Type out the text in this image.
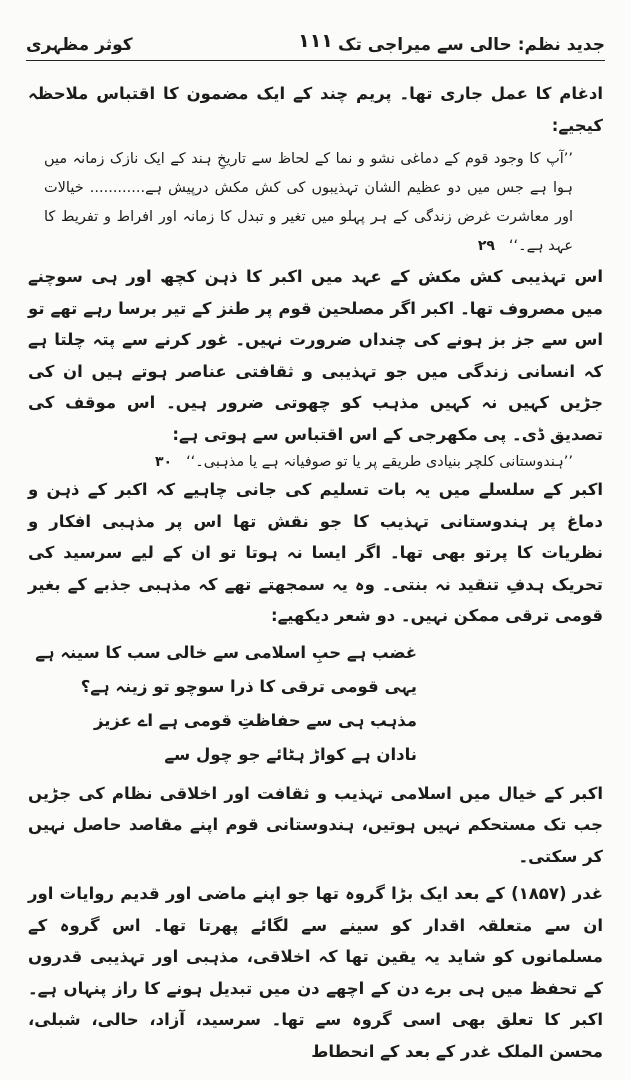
جدید نظم: حالی سے میراجی تک
۱۱۱
کوثر مظہری

ادغام کا عمل جاری تھا۔ پریم چند کے ایک مضمون کا اقتباس ملاحظہ کیجیے:

’’آپ کا وجود قوم کے دماغی نشو و نما کے لحاظ سے تاریخِ ہند کے ایک نازک زمانہ میں ہوا ہے جس میں دو عظیم الشان تہذیبوں کی کش مکش درپیش ہے............ خیالات اور معاشرت غرض زندگی کے ہر پہلو میں تغیر و تبدل کا زمانہ اور افراط و تفریط کا عہد ہے۔‘‘۲۹

اس تہذیبی کش مکش کے عہد میں اکبر کا ذہن کچھ اور ہی سوچنے میں مصروف تھا۔ اکبر اگر مصلحین قوم پر طنز کے تیر برسا رہے تھے تو اس سے جز بز ہونے کی چنداں ضرورت نہیں۔ غور کرنے سے پتہ چلتا ہے کہ انسانی زندگی میں جو تہذیبی و ثقافتی عناصر ہوتے ہیں ان کی جڑیں کہیں نہ کہیں مذہب کو چھوتی ضرور ہیں۔ اس موقف کی تصدیق ڈی۔ پی مکھرجی کے اس اقتباس سے ہوتی ہے:

’’ہندوستانی کلچر بنیادی طریقے پر یا تو صوفیانہ ہے یا مذہبی۔‘‘۳۰

اکبر کے سلسلے میں یہ بات تسلیم کی جانی چاہیے کہ اکبر کے ذہن و دماغ پر ہندوستانی تہذیب کا جو نقش تھا اس پر مذہبی افکار و نظریات کا پرتو بھی تھا۔ اگر ایسا نہ ہوتا تو ان کے لیے سرسید کی تحریک ہدفِ تنقید نہ بنتی۔ وہ یہ سمجھتے تھے کہ مذہبی جذبے کے بغیر قومی ترقی ممکن نہیں۔ دو شعر دیکھیے:

غضب ہے حبِ اسلامی سے خالی سب کا سینہ ہے
یہی قومی ترقی کا ذرا سوچو تو زینہ ہے؟
مذہب ہی سے حفاظتِ قومی ہے اے عزیز
نادان ہے کواڑ ہٹائے جو چول سے

اکبر کے خیال میں اسلامی تہذیب و ثقافت اور اخلاقی نظام کی جڑیں جب تک مستحکم نہیں ہوتیں، ہندوستانی قوم اپنے مقاصد حاصل نہیں کر سکتی۔

غدر (۱۸۵۷) کے بعد ایک بڑا گروہ تھا جو اپنے ماضی اور قدیم روایات اور ان سے متعلقہ اقدار کو سینے سے لگائے پھرتا تھا۔ اس گروہ کے مسلمانوں کو شاید یہ یقین تھا کہ اخلاقی، مذہبی اور تہذیبی قدروں کے تحفظ میں ہی برے دن کے اچھے دن میں تبدیل ہونے کا راز پنہاں ہے۔ اکبر کا تعلق بھی اسی گروہ سے تھا۔ سرسید، آزاد، حالی، شبلی، محسن الملک غدر کے بعد کے انحطاط
